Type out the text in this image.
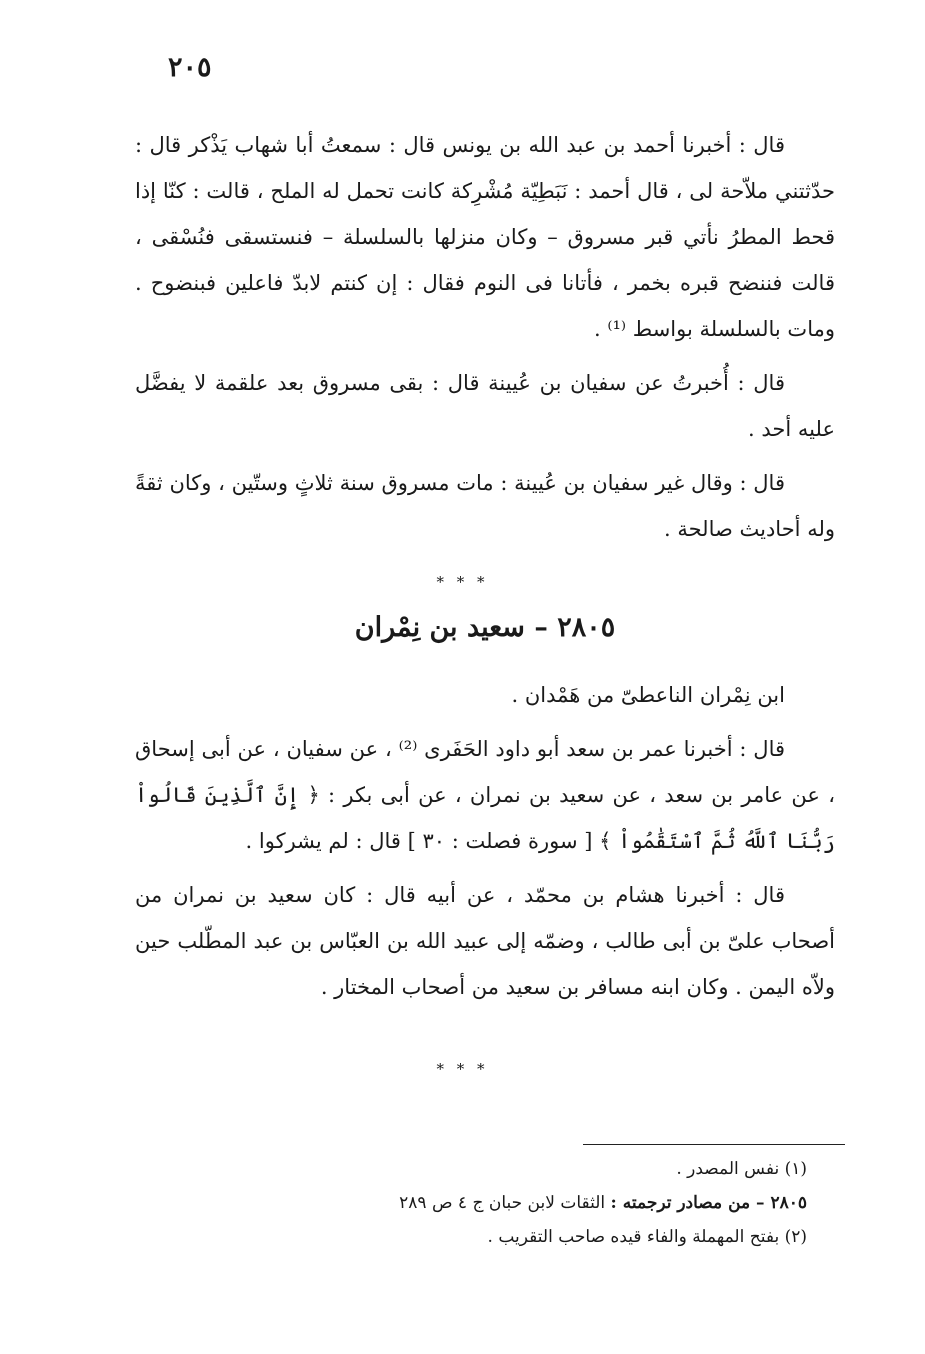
٢٠٥

قال : أخبرنا أحمد بن عبد الله بن يونس قال : سمعتُ أبا شهاب يَذْكر قال : حدّثتني ملاّحة لى ، قال أحمد : نَبَطِيّة مُشْرِكة كانت تحمل له الملح ، قالت : كنّا إذا قحط المطرُ نأتي قبر مسروق – وكان منزلها بالسلسلة – فنستسقى فنُسْقى ، قالت فننضح قبره بخمر ، فأتانا فى النوم فقال : إن كنتم لابدّ فاعلين فبنضوح . ومات بالسلسلة بواسط ⁽¹⁾ .

قال : أُخبرتُ عن سفيان بن عُيينة قال : بقى مسروق بعد علقمة لا يفضَّل عليه أحد .

قال : وقال غير سفيان بن عُيينة : مات مسروق سنة ثلاثٍ وستّين ، وكان ثقةً وله أحاديث صالحة .

* * *
٢٨٠٥ – سعيد بن نِمْران

ابن نِمْران الناعطىّ من هَمْدان .

قال : أخبرنا عمر بن سعد أبو داود الحَفَرى ⁽²⁾ ، عن سفيان ، عن أبى إسحاق ، عن عامر بن سعد ، عن سعيد بن نمران ، عن أبى بكر : ﴿ إِنَّ ٱلَّذِينَ قَالُواْ رَبُّنَا ٱللَّهُ ثُمَّ ٱسْتَقَٰمُواْ ﴾ [ سورة فصلت : ٣٠ ] قال : لم يشركوا .

قال : أخبرنا هشام بن محمّد ، عن أبيه قال : كان سعيد بن نمران من أصحاب علىّ بن أبى طالب ، وضمّه إلى عبيد الله بن العبّاس بن عبد المطّلب حين ولاّه اليمن . وكان ابنه مسافر بن سعيد من أصحاب المختار .

* * *

(١) نفس المصدر .

٢٨٠٥ – من مصادر ترجمته : الثقات لابن حبان ج ٤ ص ٢٨٩

(٢) بفتح المهملة والفاء قيده صاحب التقريب .
